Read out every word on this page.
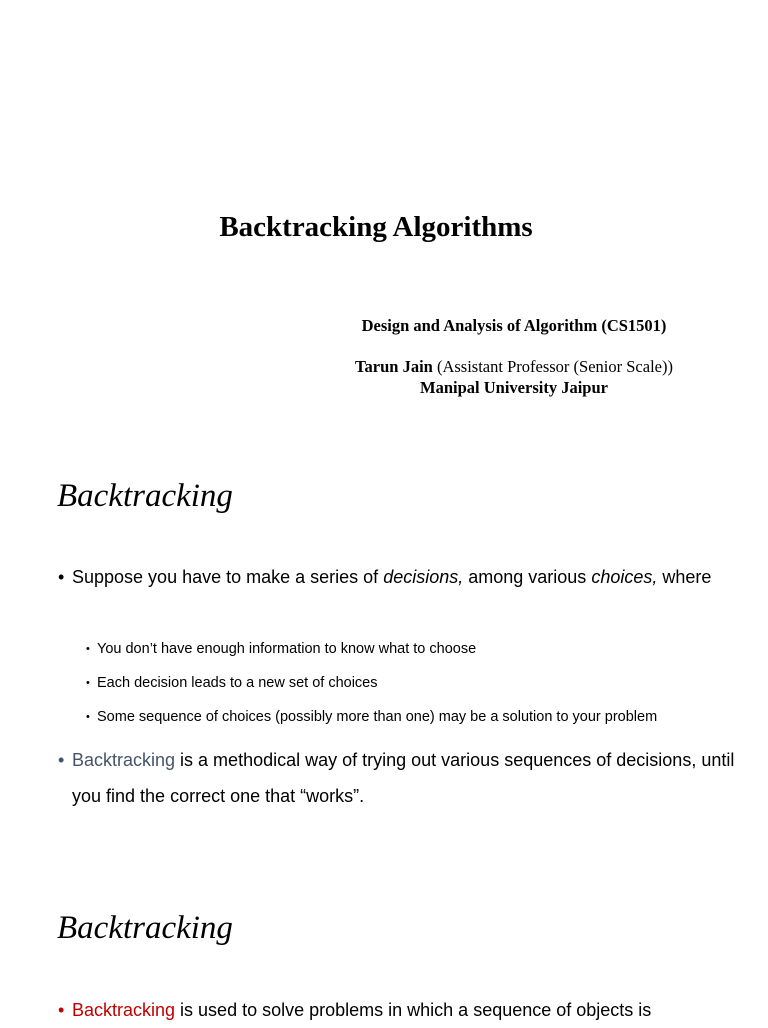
Backtracking Algorithms
Design and Analysis of Algorithm (CS1501)
Tarun Jain (Assistant Professor (Senior Scale))
Manipal University Jaipur
Backtracking
• Suppose you have to make a series of decisions, among various choices, where
• You don’t have enough information to know what to choose
• Each decision leads to a new set of choices
• Some sequence of choices (possibly more than one) may be a solution to your problem
• Backtracking is a methodical way of trying out various sequences of decisions, until you find the correct one that “works”.
Backtracking
• Backtracking is used to solve problems in which a sequence of objects is
